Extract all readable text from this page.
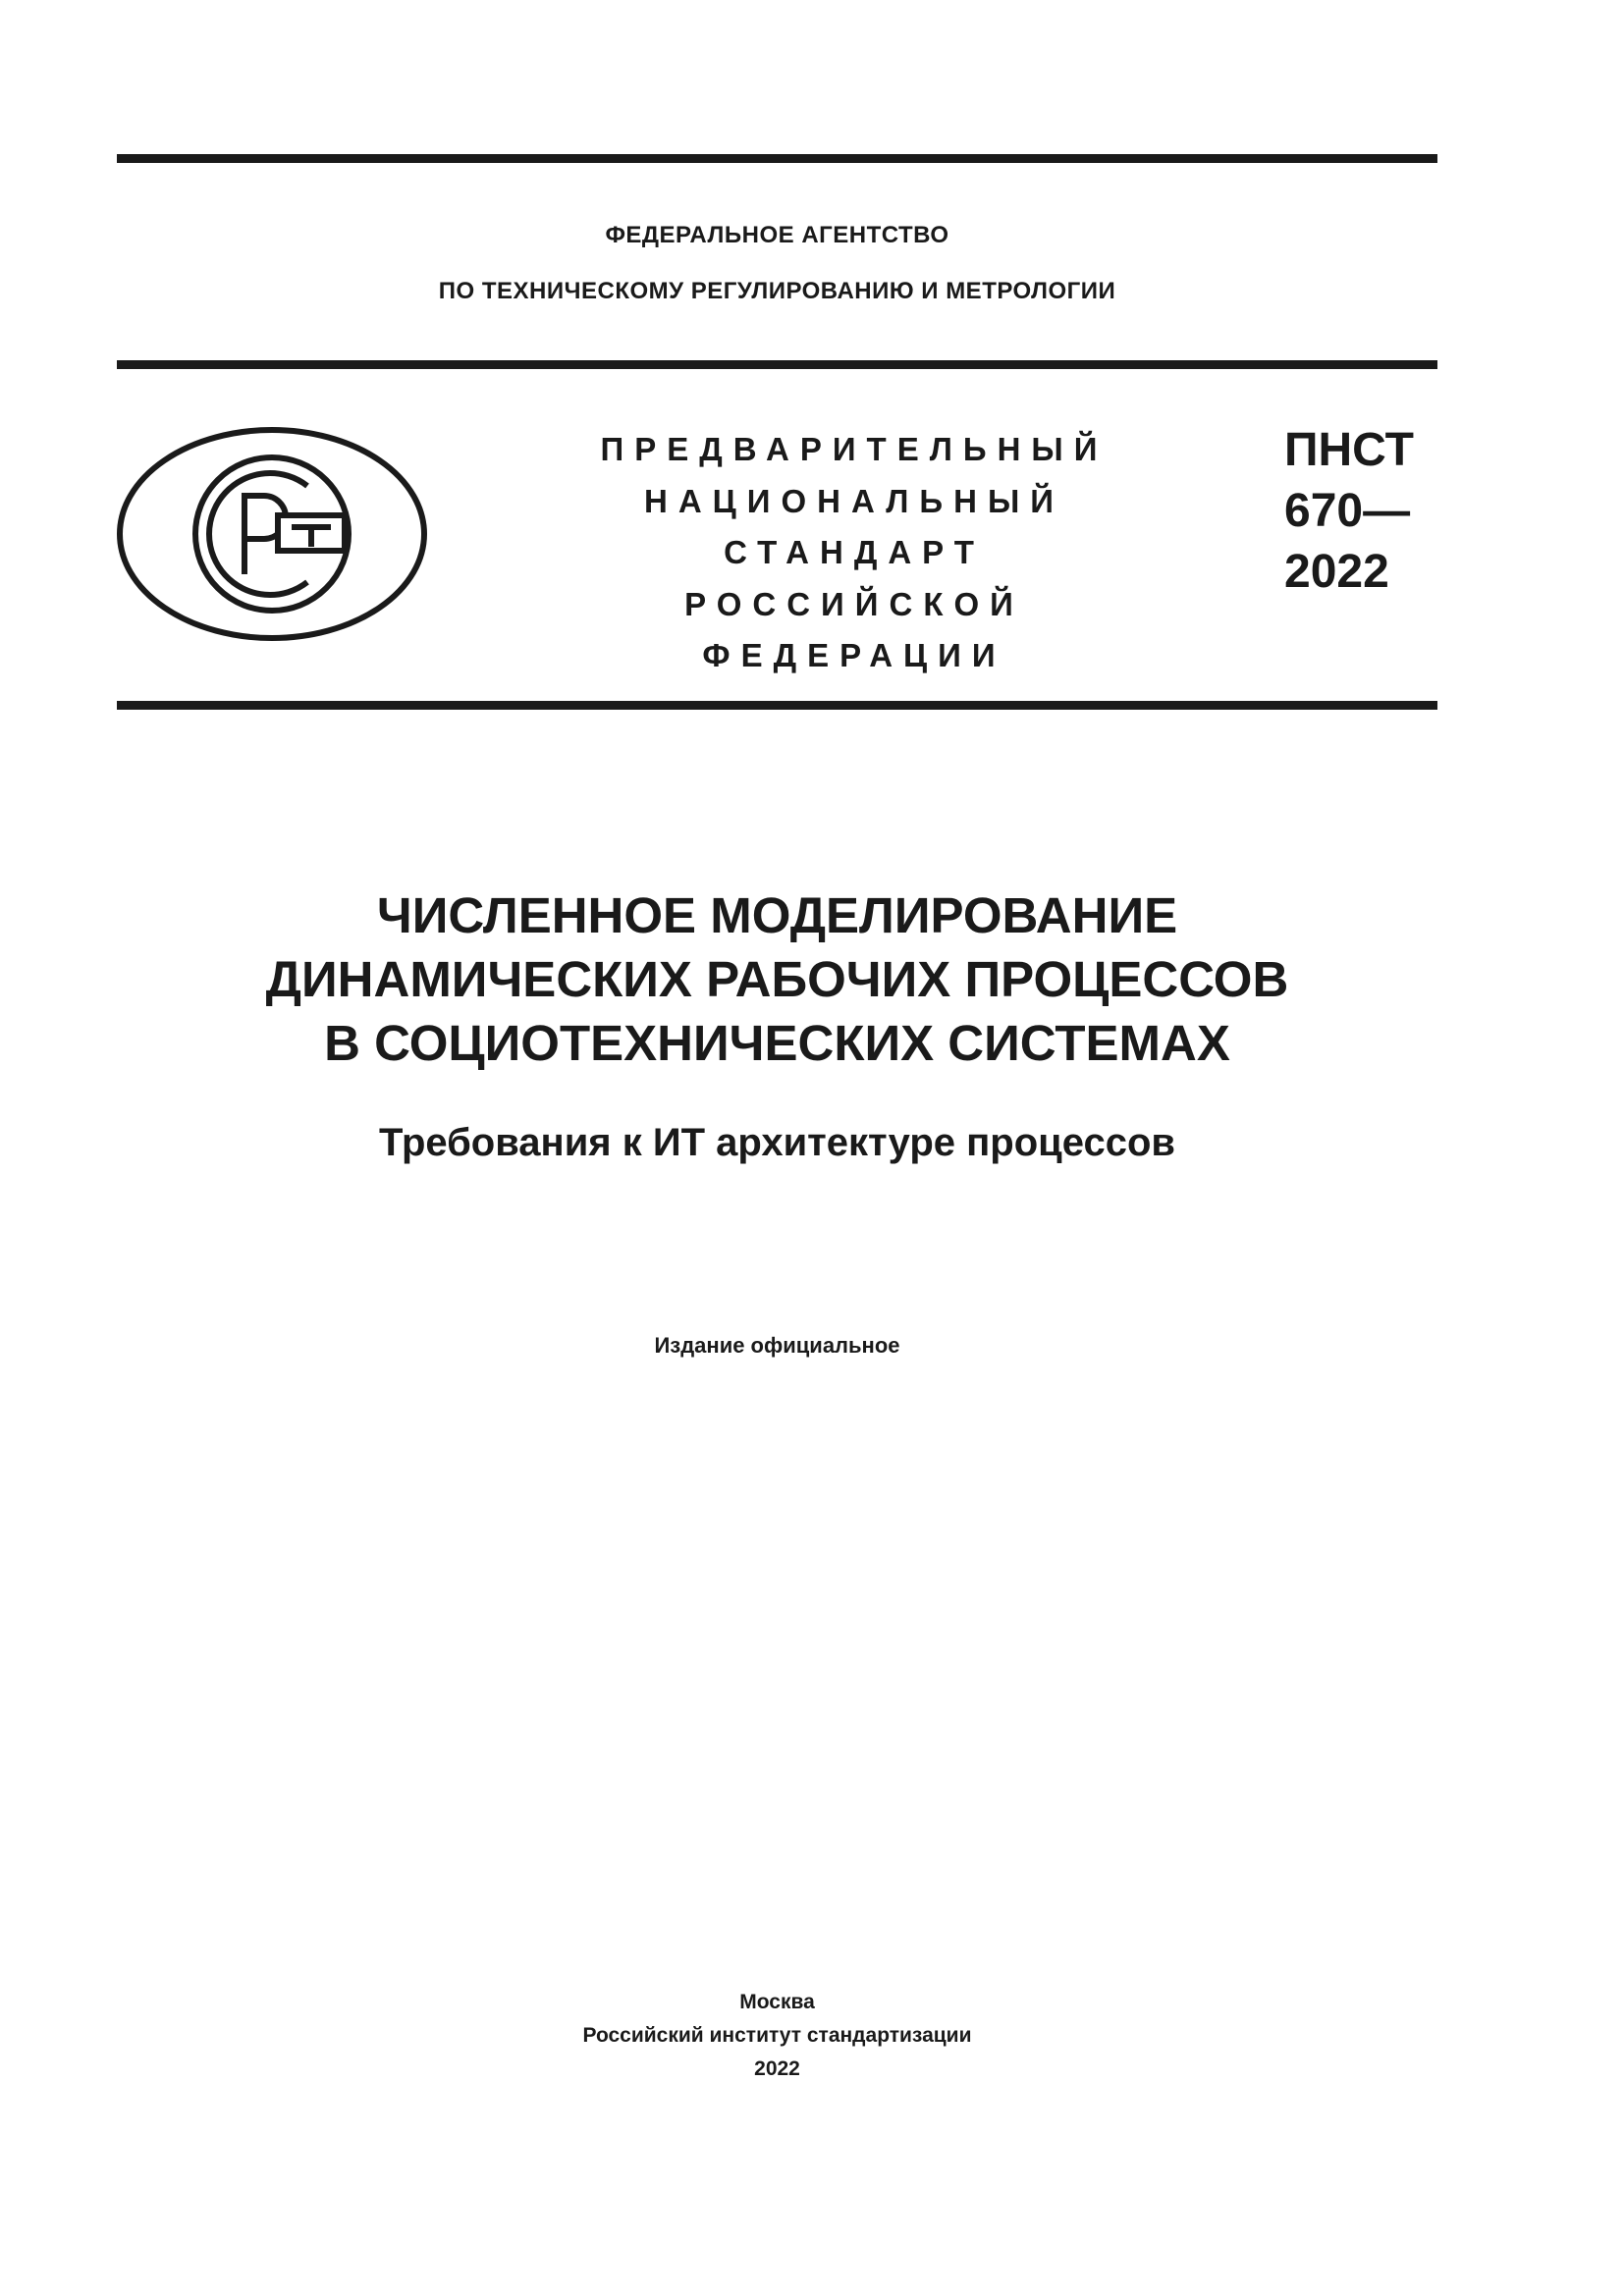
ФЕДЕРАЛЬНОЕ АГЕНТСТВО
ПО ТЕХНИЧЕСКОМУ РЕГУЛИРОВАНИЮ И МЕТРОЛОГИИ
ПРЕДВАРИТЕЛЬНЫЙ
НАЦИОНАЛЬНЫЙ
СТАНДАРТ
РОССИЙСКОЙ
ФЕДЕРАЦИИ
ПНСТ
670—
2022
ЧИСЛЕННОЕ МОДЕЛИРОВАНИЕ
ДИНАМИЧЕСКИХ РАБОЧИХ ПРОЦЕССОВ
В СОЦИОТЕХНИЧЕСКИХ СИСТЕМАХ
Требования к ИТ архитектуре процессов
Издание официальное
Москва
Российский институт стандартизации
2022
